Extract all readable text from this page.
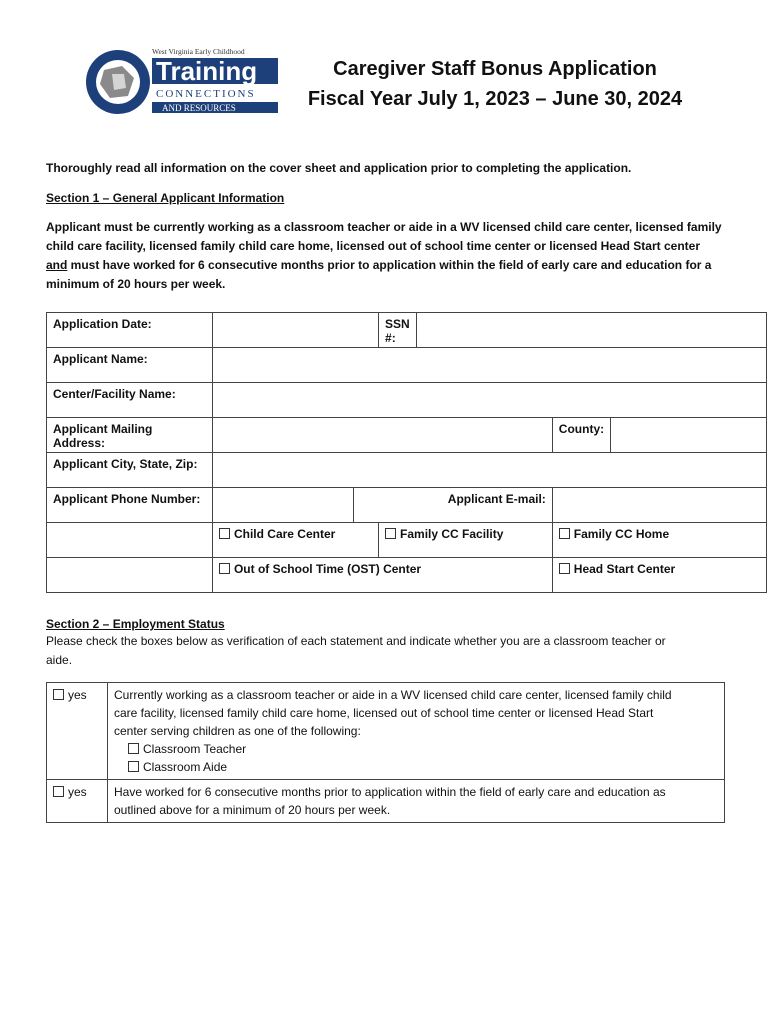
West Virginia Early Childhood
Training
CONNECTIONS
AND RESOURCES
Caregiver Staff Bonus Application
Fiscal Year July 1, 2023 – June 30, 2024
Thoroughly read all information on the cover sheet and application prior to completing the application.
Section 1 – General Applicant Information
Applicant must be currently working as a classroom teacher or aide in a WV licensed child care center, licensed family
child care facility, licensed family child care home, licensed out of school time center or licensed Head Start center
and must have worked for 6 consecutive months prior to application within the field of early care and education for a
minimum of 20 hours per week.
Application Date:			SSN #:			
Applicant Name:						
Center/Facility Name:						
Applicant Mailing Address:					County:	
Applicant City, State, Zip:						
Applicant Phone Number:		Applicant E-mail:				
	Child Care Center		Family CC Facility		Family CC Home	
	Out of School Time (OST) Center				Head Start Center	
Section 2 – Employment Status
Please check the boxes below as verification of each statement and indicate whether you are a classroom teacher or
aide.
yes	Currently working as a classroom teacher or aide in a WV licensed child care center, licensed family child
care facility, licensed family child care home, licensed out of school time center or licensed Head Start
center serving children as one of the following:
Classroom Teacher
Classroom Aide

yes	Have worked for 6 consecutive months prior to application within the field of early care and education as
outlined above for a minimum of 20 hours per week.
